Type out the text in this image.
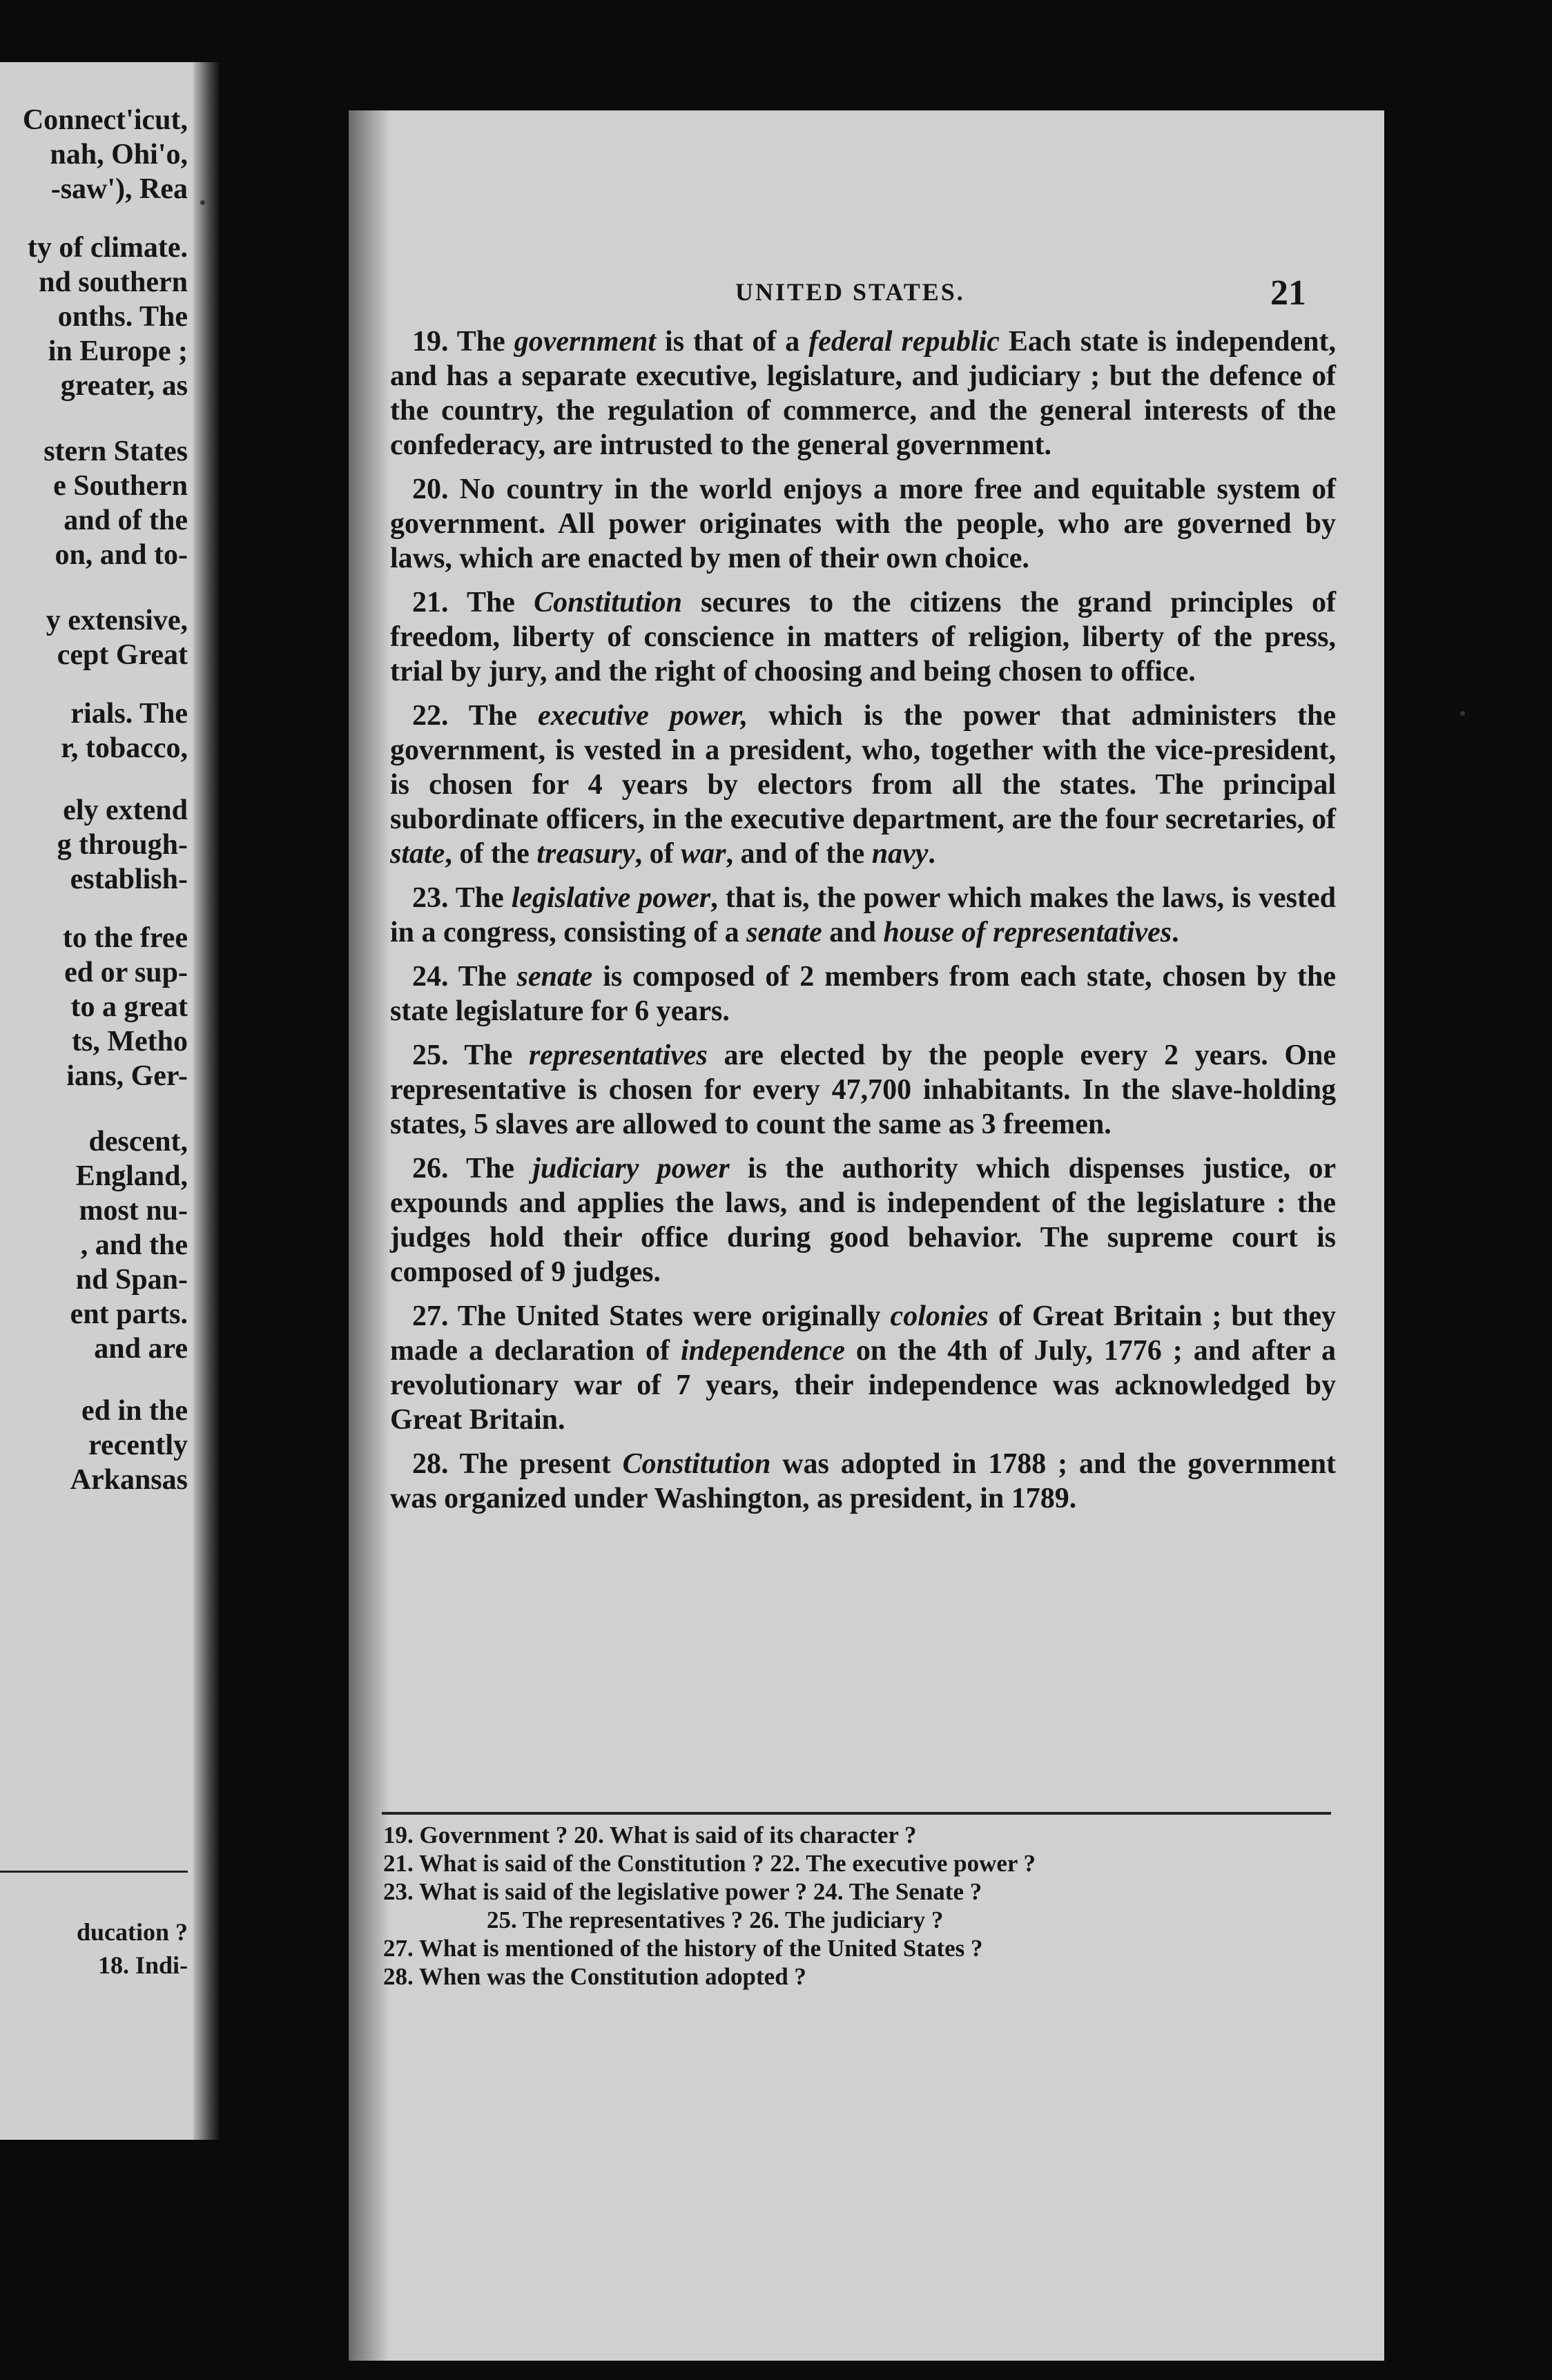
Connect'icut,
nah, Ohi'o,
-saw'), Rea
ty of climate.
nd southern
onths. The
in Europe ;
greater, as
stern States
e Southern
and of the
on, and to-
y extensive,
cept Great
rials. The
r, tobacco,
ely extend
g through-
establish-
to the free
ed or sup-
to a great
ts, Metho
ians, Ger-
descent,
England,
most nu-
, and the
nd Span-
ent parts.
and are
ed in the
recently
Arkansas
ducation ?
18. Indi-
UNITED STATES.	21

19. The government is that of a federal republic Each state is independent, and has a separate executive, legislature, and judiciary ; but the defence of the country, the regulation of commerce, and the general interests of the confederacy, are intrusted to the general government.

20. No country in the world enjoys a more free and equitable system of government. All power originates with the people, who are governed by laws, which are enacted by men of their own choice.

21. The Constitution secures to the citizens the grand principles of freedom, liberty of conscience in matters of religion, liberty of the press, trial by jury, and the right of choosing and being chosen to office.

22. The executive power, which is the power that administers the government, is vested in a president, who, together with the vice-president, is chosen for 4 years by electors from all the states. The principal subordinate officers, in the executive department, are the four secretaries, of state, of the treasury, of war, and of the navy.

23. The legislative power, that is, the power which makes the laws, is vested in a congress, consisting of a senate and house of representatives.

24. The senate is composed of 2 members from each state, chosen by the state legislature for 6 years.

25. The representatives are elected by the people every 2 years. One representative is chosen for every 47,700 inhabitants. In the slave-holding states, 5 slaves are allowed to count the same as 3 freemen.

26. The judiciary power is the authority which dispenses justice, or expounds and applies the laws, and is independent of the legislature : the judges hold their office during good behavior. The supreme court is composed of 9 judges.

27. The United States were originally colonies of Great Britain ; but they made a declaration of independence on the 4th of July, 1776 ; and after a revolutionary war of 7 years, their independence was acknowledged by Great Britain.

28. The present Constitution was adopted in 1788 ; and the government was organized under Washington, as president, in 1789.

19. Government ? 20. What is said of its character ?
21. What is said of the Constitution ? 22. The executive power ?
23. What is said of the legislative power ? 24. The Senate ?
25. The representatives ? 26. The judiciary ?
27. What is mentioned of the history of the United States ?
28. When was the Constitution adopted ?
